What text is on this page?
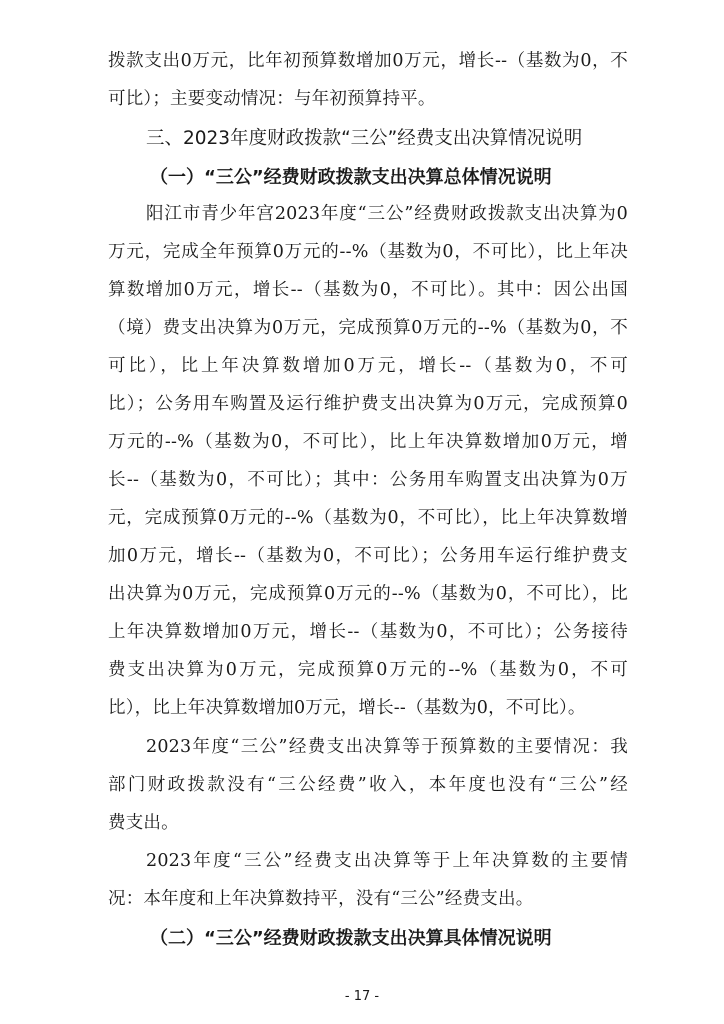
拨款支出0万元，比年初预算数增加0万元，增长--（基数为0，不
可比）；主要变动情况：与年初预算持平。
三、2023年度财政拨款“三公”经费支出决算情况说明
（一）“三公”经费财政拨款支出决算总体情况说明
阳江市青少年宫2023年度“三公”经费财政拨款支出决算为0
万元，完成全年预算0万元的--%（基数为0，不可比），比上年决
算数增加0万元，增长--（基数为0，不可比）。其中：因公出国
（境）费支出决算为0万元，完成预算0万元的--%（基数为0，不
可比），比上年决算数增加0万元，增长--（基数为0，不可
比）；公务用车购置及运行维护费支出决算为0万元，完成预算0
万元的--%（基数为0，不可比），比上年决算数增加0万元，增
长--（基数为0，不可比）；其中：公务用车购置支出决算为0万
元，完成预算0万元的--%（基数为0，不可比），比上年决算数增
加0万元，增长--（基数为0，不可比）；公务用车运行维护费支
出决算为0万元，完成预算0万元的--%（基数为0，不可比），比
上年决算数增加0万元，增长--（基数为0，不可比）；公务接待
费支出决算为0万元，完成预算0万元的--%（基数为0，不可
比），比上年决算数增加0万元，增长--（基数为0，不可比）。
2023年度“三公”经费支出决算等于预算数的主要情况：我
部门财政拨款没有“三公经费”收入，本年度也没有“三公”经
费支出。
2023年度“三公”经费支出决算等于上年决算数的主要情
况：本年度和上年决算数持平，没有“三公”经费支出。
（二）“三公”经费财政拨款支出决算具体情况说明
- 17 -
